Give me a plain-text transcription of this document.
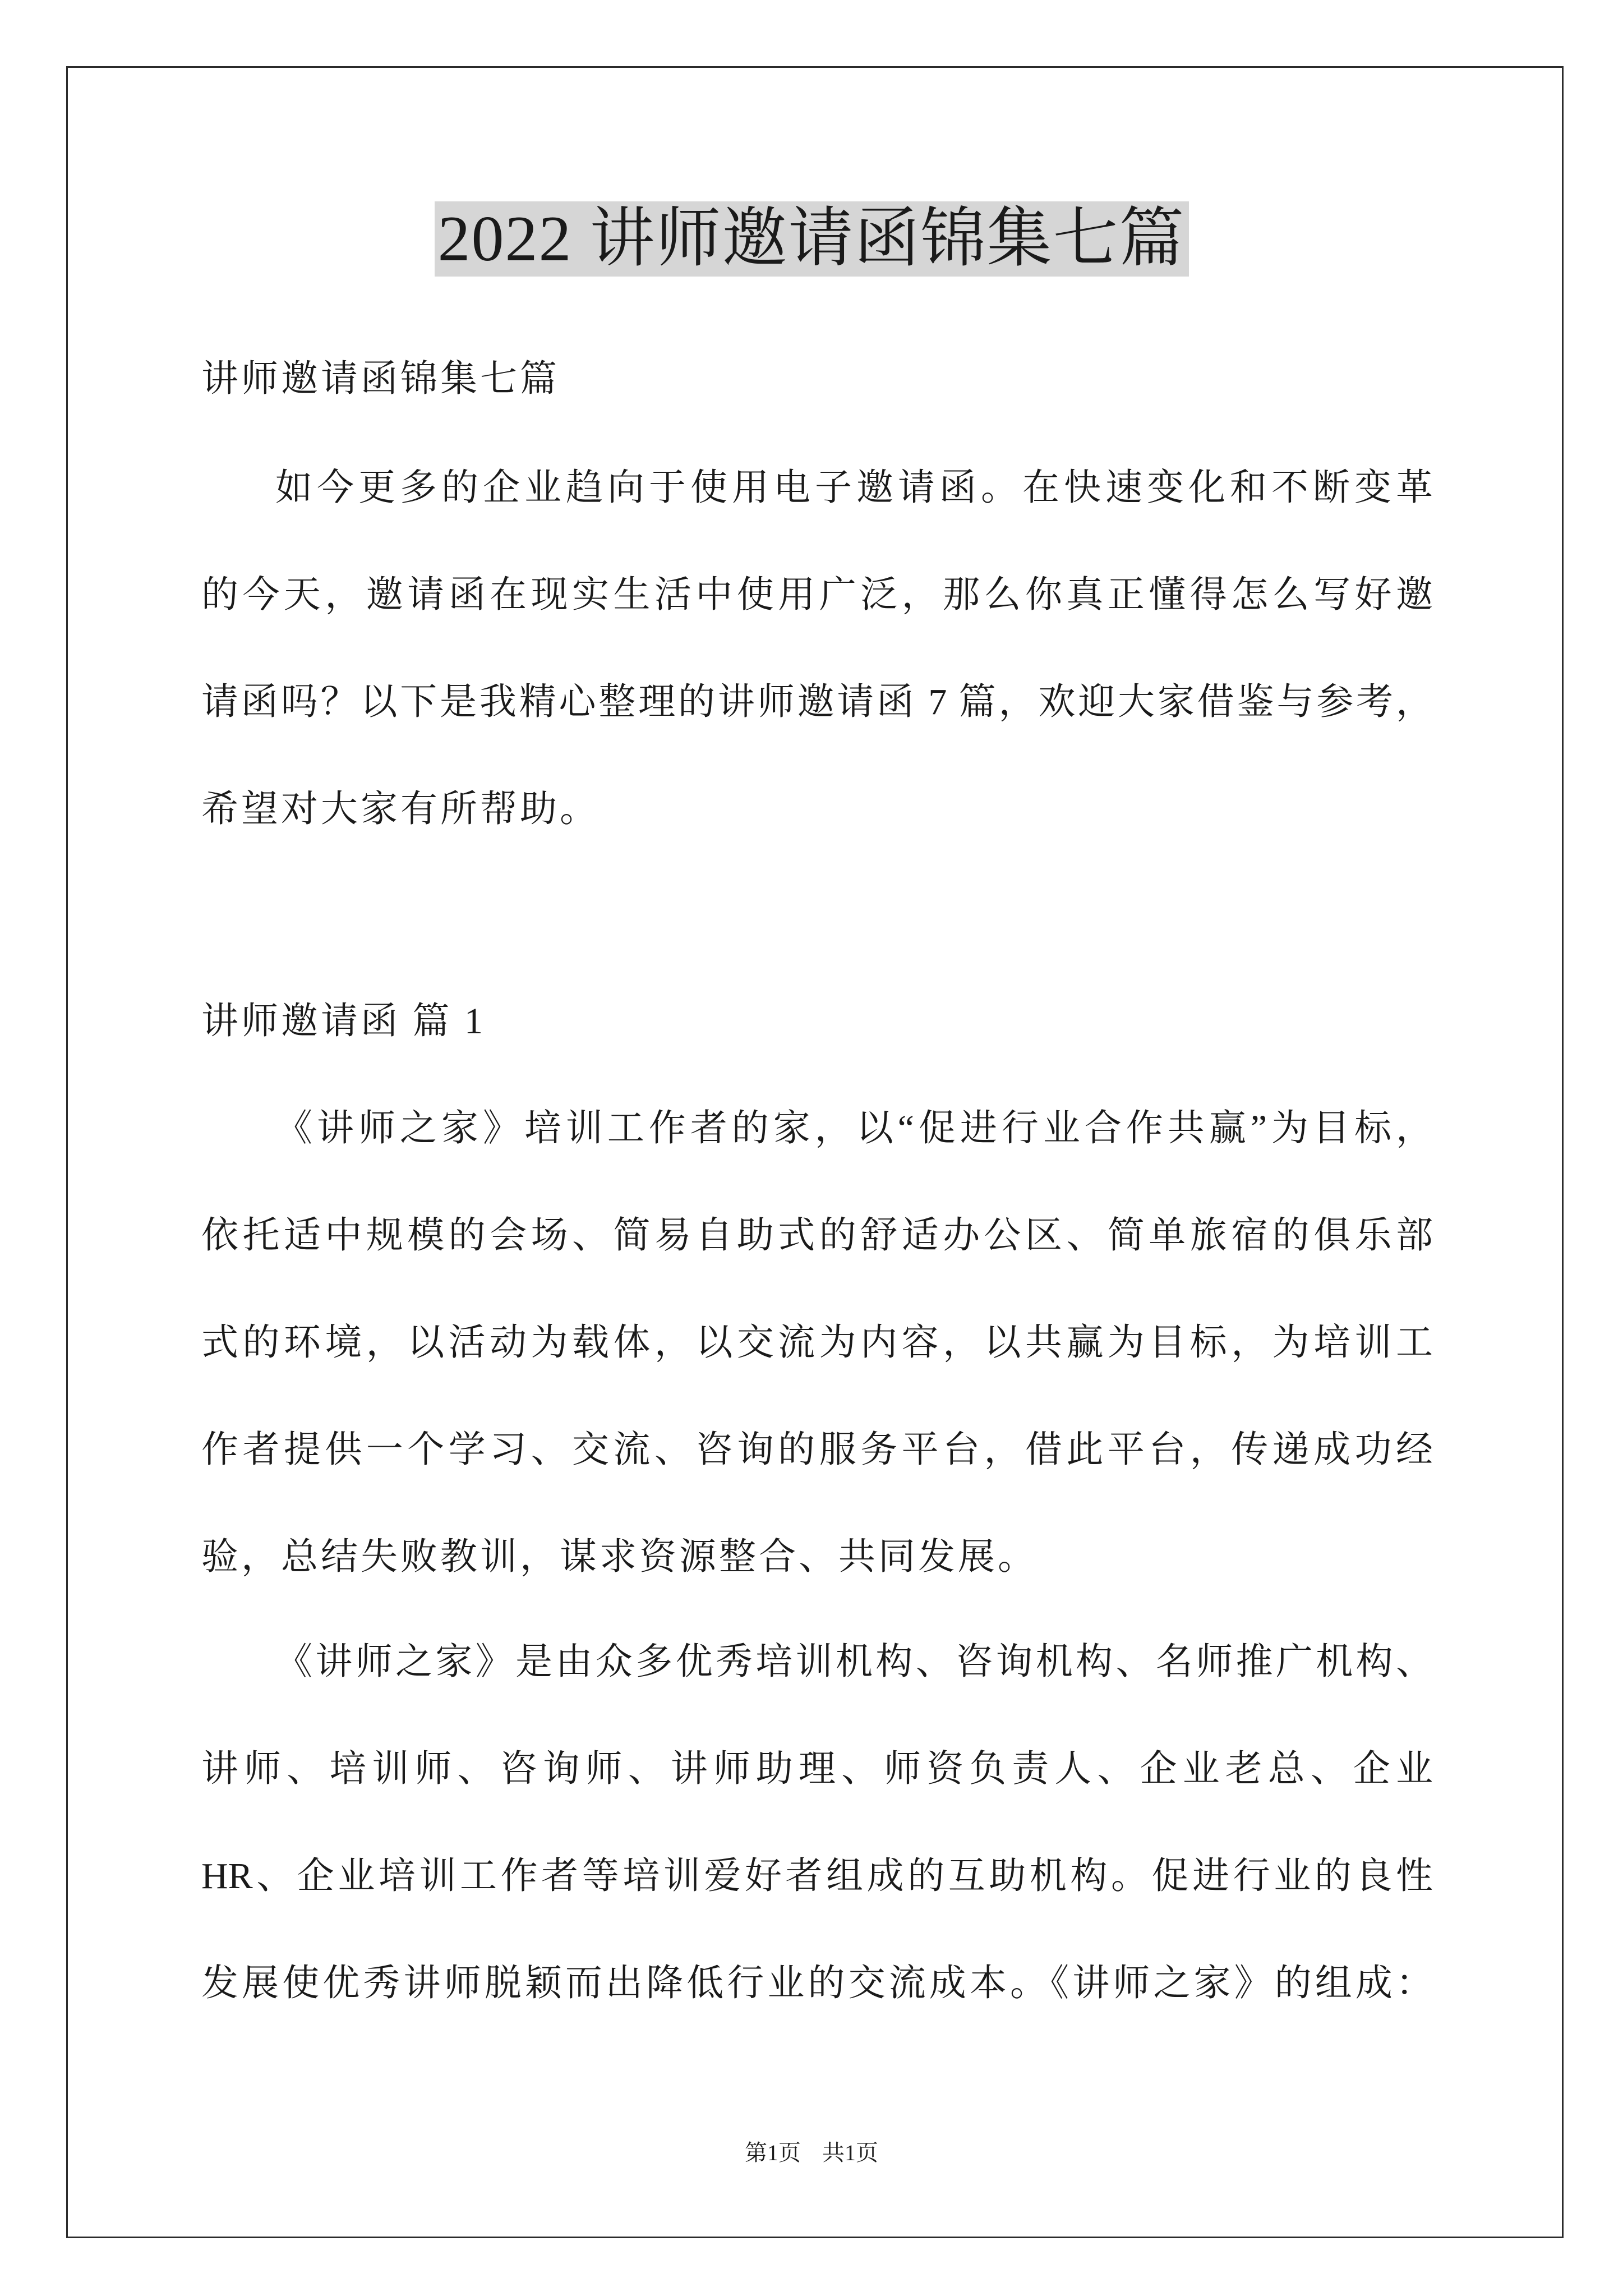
2022 讲师邀请函锦集七篇
讲师邀请函锦集七篇
如今更多的企业趋向于使用电子邀请函。在快速变化和不断变革
的今天，邀请函在现实生活中使用广泛，那么你真正懂得怎么写好邀
请函吗？以下是我精心整理的讲师邀请函 7 篇，欢迎大家借鉴与参考，
希望对大家有所帮助。
讲师邀请函 篇 1
《讲师之家》培训工作者的家，以“促进行业合作共赢”为目标，
依托适中规模的会场、简易自助式的舒适办公区、简单旅宿的俱乐部
式的环境，以活动为载体，以交流为内容，以共赢为目标，为培训工
作者提供一个学习、交流、咨询的服务平台，借此平台，传递成功经
验，总结失败教训，谋求资源整合、共同发展。
《讲师之家》是由众多优秀培训机构、咨询机构、名师推广机构、
讲师、培训师、咨询师、讲师助理、师资负责人、企业老总、企业
HR、企业培训工作者等培训爱好者组成的互助机构。促进行业的良性
发展使优秀讲师脱颖而出降低行业的交流成本。《讲师之家》的组成：
第1页 共1页
